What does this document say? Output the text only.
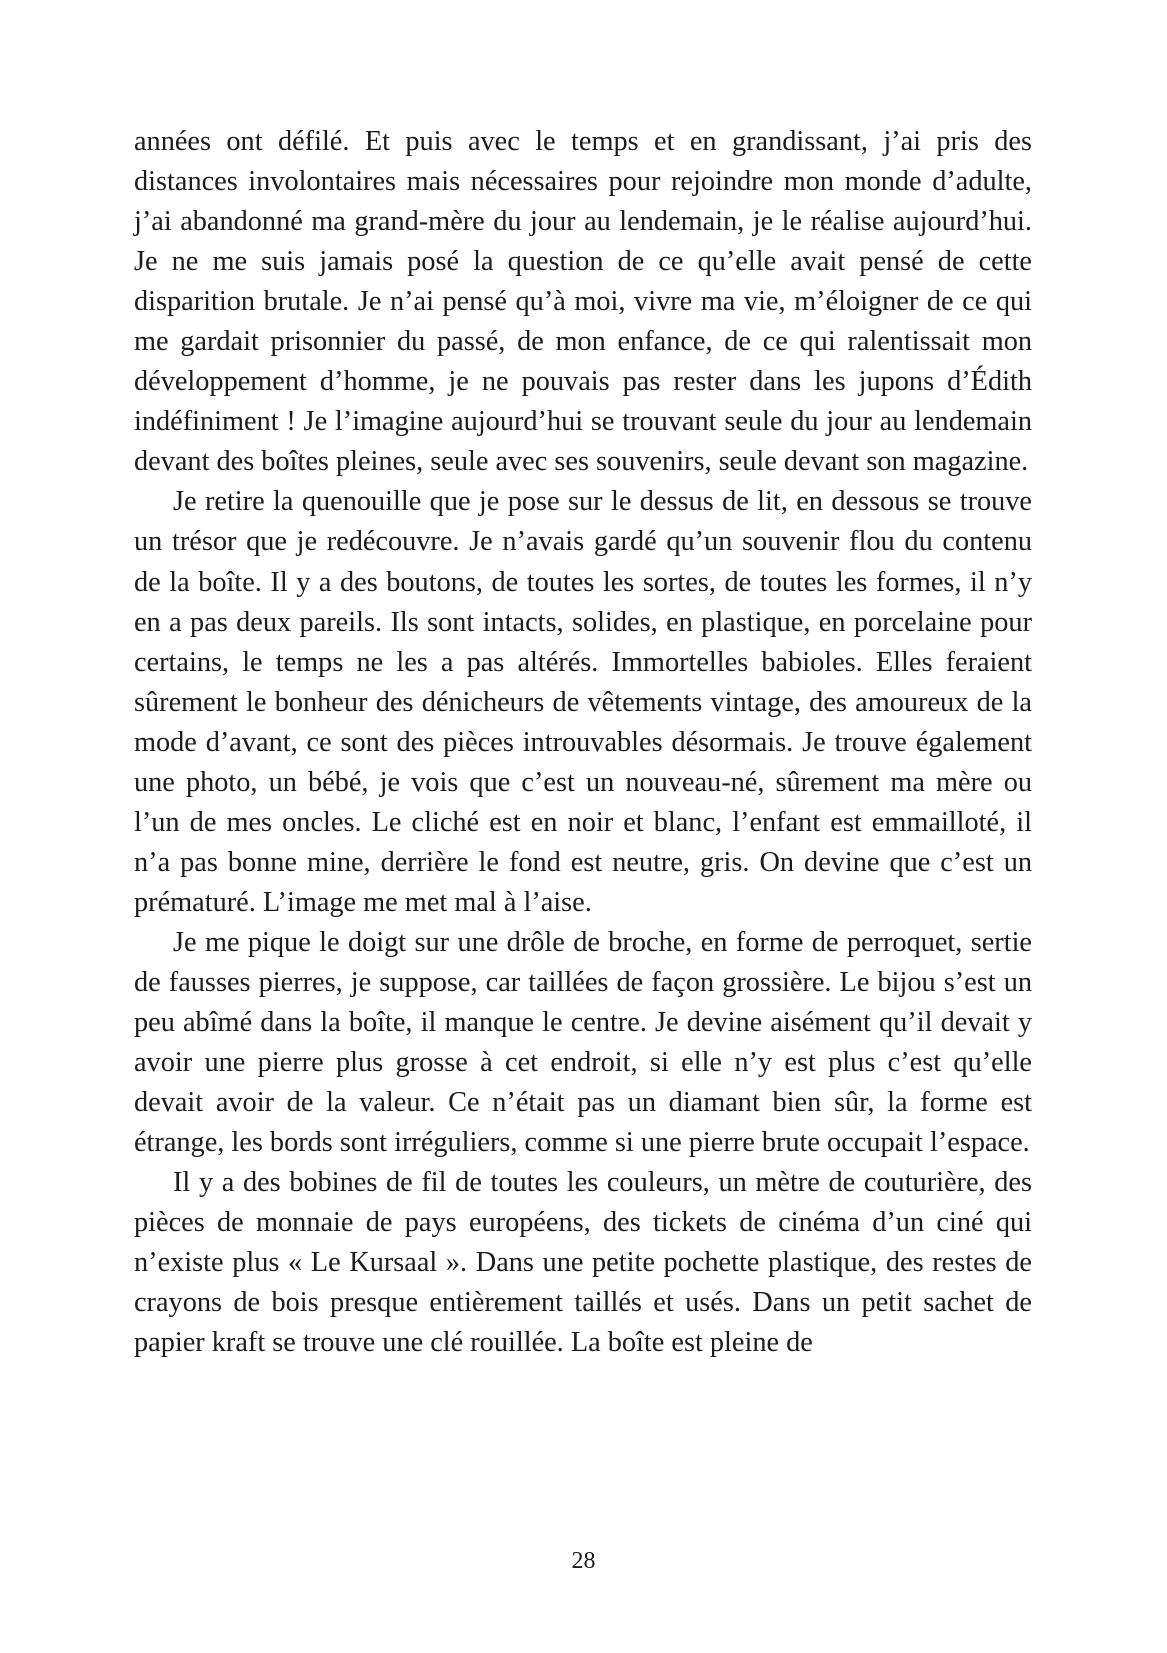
années ont défilé. Et puis avec le temps et en grandissant, j’ai pris des distances involontaires mais nécessaires pour rejoindre mon monde d’adulte, j’ai abandonné ma grand-mère du jour au lendemain, je le réalise aujourd’hui. Je ne me suis jamais posé la question de ce qu’elle avait pensé de cette disparition brutale. Je n’ai pensé qu’à moi, vivre ma vie, m’éloigner de ce qui me gardait prisonnier du passé, de mon enfance, de ce qui ralentissait mon développement d’homme, je ne pouvais pas rester dans les jupons d’Édith indéfiniment ! Je l’imagine aujourd’hui se trouvant seule du jour au lendemain devant des boîtes pleines, seule avec ses souvenirs, seule devant son magazine.

Je retire la quenouille que je pose sur le dessus de lit, en dessous se trouve un trésor que je redécouvre. Je n’avais gardé qu’un souvenir flou du contenu de la boîte. Il y a des boutons, de toutes les sortes, de toutes les formes, il n’y en a pas deux pareils. Ils sont intacts, solides, en plastique, en porcelaine pour certains, le temps ne les a pas altérés. Immortelles babioles. Elles feraient sûrement le bonheur des dénicheurs de vêtements vintage, des amoureux de la mode d’avant, ce sont des pièces introuvables désormais. Je trouve également une photo, un bébé, je vois que c’est un nouveau-né, sûrement ma mère ou l’un de mes oncles. Le cliché est en noir et blanc, l’enfant est emmailloté, il n’a pas bonne mine, derrière le fond est neutre, gris. On devine que c’est un prématuré. L’image me met mal à l’aise.

Je me pique le doigt sur une drôle de broche, en forme de perroquet, sertie de fausses pierres, je suppose, car taillées de façon grossière. Le bijou s’est un peu abîmé dans la boîte, il manque le centre. Je devine aisément qu’il devait y avoir une pierre plus grosse à cet endroit, si elle n’y est plus c’est qu’elle devait avoir de la valeur. Ce n’était pas un diamant bien sûr, la forme est étrange, les bords sont irréguliers, comme si une pierre brute occupait l’espace.

Il y a des bobines de fil de toutes les couleurs, un mètre de couturière, des pièces de monnaie de pays européens, des tickets de cinéma d’un ciné qui n’existe plus « Le Kursaal ». Dans une petite pochette plastique, des restes de crayons de bois presque entièrement taillés et usés. Dans un petit sachet de papier kraft se trouve une clé rouillée. La boîte est pleine de

28
